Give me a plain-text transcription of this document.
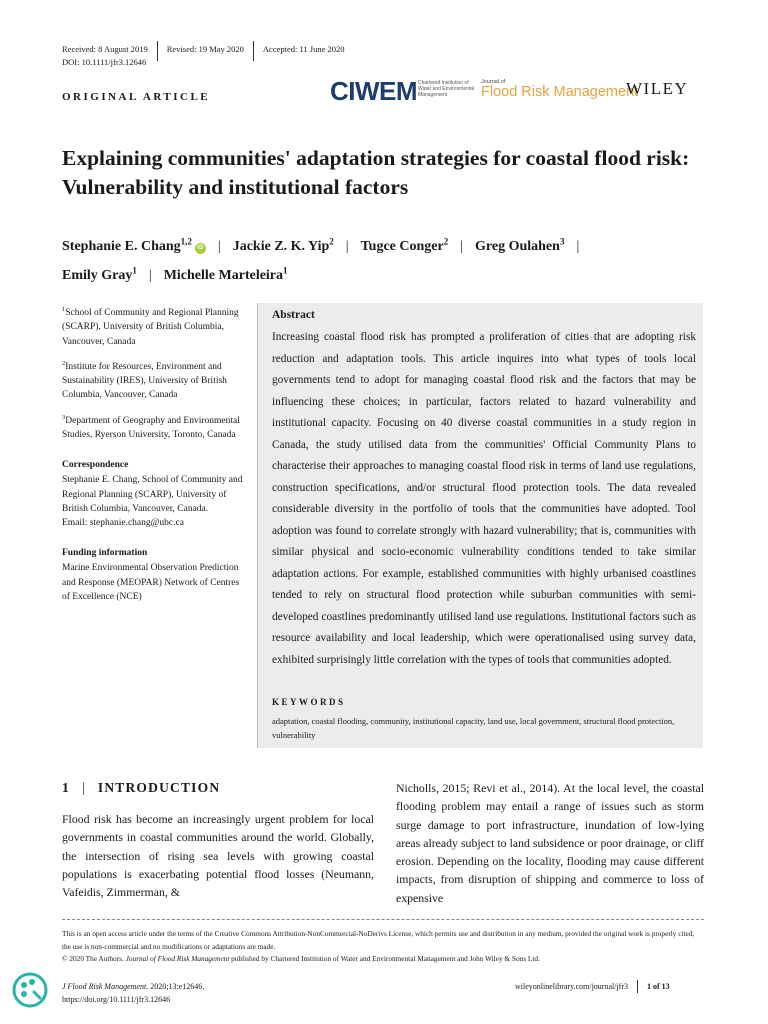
Received: 8 August 2019 Revised: 19 May 2020 Accepted: 11 June 2020
DOI: 10.1111/jfr3.12646
ORIGINAL ARTICLE	CIWEM Chartered Institution of
Water and Environmental
Management
Journal of
Flood Risk Management
WILEY
Explaining communities' adaptation strategies for coastal flood risk: Vulnerability and institutional factors
Stephanie E. Chang$^{1,2}$iD | Jackie Z. K. Yip$^2$ | Tugce Conger$^2$ | Greg Oulahen$^3$ |
Emily Gray$^1$ | Michelle Marteleira$^1$

$^1$School of Community and Regional Planning (SCARP), University of British Columbia, Vancouver, Canada

$^2$Institute for Resources, Environment and Sustainability (IRES), University of British Columbia, Vancouver, Canada

$^3$Department of Geography and Environmental Studies, Ryerson University, Toronto, Canada

Correspondence

Stephanie E. Chang, School of Community and Regional Planning (SCARP), University of British Columbia, Vancouver, Canada.

Email: stephanie.chang@ubc.ca

Funding information

Marine Environmental Observation Prediction and Response (MEOPAR) Network of Centres of Excellence (NCE)

Abstract
Increasing coastal flood risk has prompted a proliferation of cities that are adopting risk reduction and adaptation tools. This article inquires into what types of tools local governments tend to adopt for managing coastal flood risk and the factors that may be influencing these choices; in particular, factors related to hazard vulnerability and institutional capacity. Focusing on 40 diverse coastal communities in a study region in Canada, the study utilised data from the communities' Official Community Plans to characterise their approaches to managing coastal flood risk in terms of land use regulations, construction specifications, and/or structural flood protection tools. The data revealed considerable diversity in the portfolio of tools that the communities have adopted. Tool adoption was found to correlate strongly with hazard vulnerability; that is, communities with similar physical and socio-economic vulnerability conditions tended to take similar adaptation actions. For example, established communities with highly urbanised coastlines tended to rely on structural flood protection while suburban communities with semi-developed coastlines predominantly utilised land use regulations. Institutional factors such as resource availability and local leadership, which were operationalised using survey data, exhibited surprisingly little correlation with the types of tools that communities adopted.
KEYWORDS
adaptation, coastal flooding, community, institutional capacity, land use, local government, structural flood protection, vulnerability
1 | INTRODUCTION
Flood risk has become an increasingly urgent problem for local governments in coastal communities around the world. Globally, the intersection of rising sea levels with growing coastal populations is exacerbating potential flood losses (Neumann, Vafeidis, Zimmerman, &
Nicholls, 2015; Revi et al., 2014). At the local level, the coastal flooding problem may entail a range of issues such as storm surge damage to port infrastructure, inundation of low-lying areas already subject to land subsidence or poor drainage, or cliff erosion. Depending on the locality, flooding may cause different impacts, from disruption of shipping and commerce to loss of expensive
This is an open access article under the terms of the Creative Commons Attribution-NonCommercial-NoDerivs License, which permits use and distribution in any medium, provided the original work is properly cited, the use is non-commercial and no modifications or adaptations are made.
© 2020 The Authors. Journal of Flood Risk Management published by Chartered Institution of Water and Environmental Management and John Wiley & Sons Ltd.
J Flood Risk Management. 2020;13:e12646.
https://doi.org/10.1111/jfr3.12646
wileyonlinelibrary.com/journal/jfr3 1 of 13
